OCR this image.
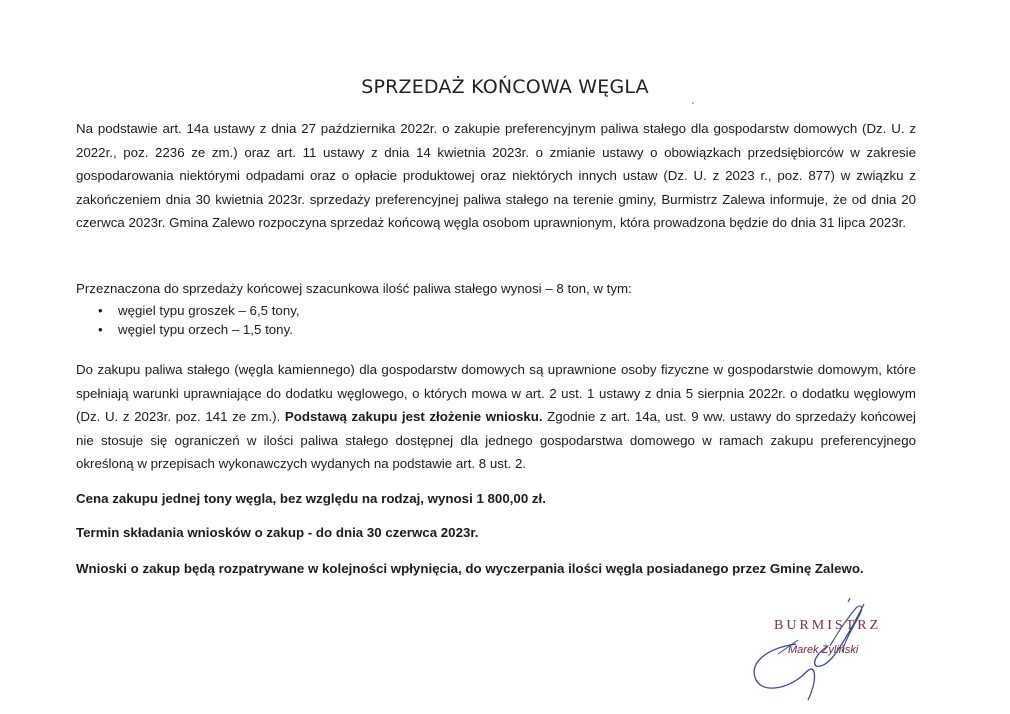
SPRZEDAŻ KOŃCOWA WĘGLA
Na podstawie art. 14a ustawy z dnia 27 października 2022r. o zakupie preferencyjnym paliwa stałego dla gospodarstw domowych (Dz. U. z 2022r., poz. 2236 ze zm.) oraz art. 11 ustawy z dnia 14 kwietnia 2023r. o zmianie ustawy o obowiązkach przedsiębiorców w zakresie gospodarowania niektórymi odpadami oraz o opłacie produktowej oraz niektórych innych ustaw (Dz. U. z 2023 r., poz. 877) w związku z zakończeniem dnia 30 kwietnia 2023r. sprzedaży preferencyjnej paliwa stałego na terenie gminy, Burmistrz Zalewa informuje, że od dnia 20 czerwca 2023r. Gmina Zalewo rozpoczyna sprzedaż końcową węgla osobom uprawnionym, która prowadzona będzie do dnia 31 lipca 2023r.
Przeznaczona do sprzedaży końcowej szacunkowa ilość paliwa stałego wynosi – 8 ton, w tym:
• węgiel typu groszek – 6,5 tony,
• węgiel typu orzech – 1,5 tony.
Do zakupu paliwa stałego (węgla kamiennego) dla gospodarstw domowych są uprawnione osoby fizyczne w gospodarstwie domowym, które spełniają warunki uprawniające do dodatku węglowego, o których mowa w art. 2 ust. 1 ustawy z dnia 5 sierpnia 2022r. o dodatku węglowym (Dz. U. z 2023r. poz. 141 ze zm.). Podstawą zakupu jest złożenie wniosku. Zgodnie z art. 14a, ust. 9 ww. ustawy do sprzedaży końcowej nie stosuje się ograniczeń w ilości paliwa stałego dostępnej dla jednego gospodarstwa domowego w ramach zakupu preferencyjnego określoną w przepisach wykonawczych wydanych na podstawie art. 8 ust. 2.
Cena zakupu jednej tony węgla, bez względu na rodzaj, wynosi 1 800,00 zł.
Termin składania wniosków o zakup - do dnia 30 czerwca 2023r.
Wnioski o zakup będą rozpatrywane w kolejności wpłynięcia, do wyczerpania ilości węgla posiadanego przez Gminę Zalewo.
BURMISTRZ
Marek Żyliński
